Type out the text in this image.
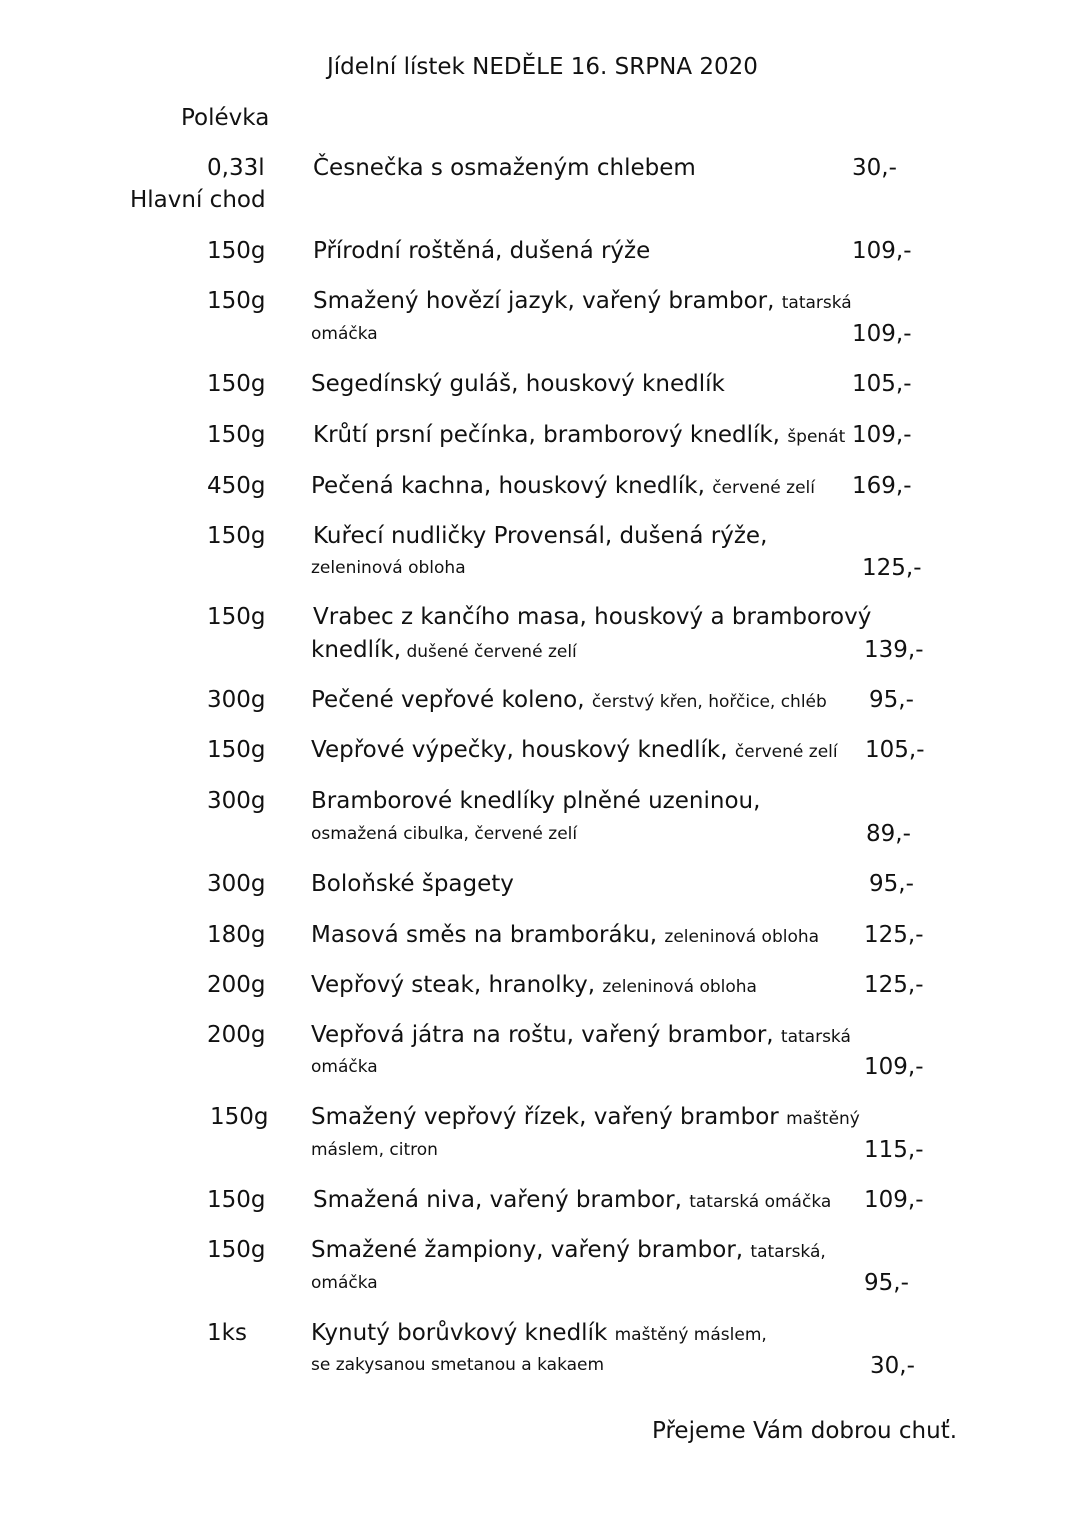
Jídelní lístek NEDĚLE 16. SRPNA 2020
Polévka
Hlavní chod
0,33l Česnečka s osmaženým chlebem	30,-
150g Přírodní roštěná, dušená rýže	109,-
150g Smažený hovězí jazyk, vařený brambor, tatarská
omáčka	109,-
150g Segedínský guláš, houskový knedlík	105,-
150g Krůtí prsní pečínka, bramborový knedlík, špenát 109,-
450g Pečená kachna, houskový knedlík, červené zelí 169,-
150g Kuřecí nudličky Provensál, dušená rýže,
zeleninová obloha	125,-
150g Vrabec z kančího masa, houskový a bramborový
knedlík, dušené červené zelí	139,-
300g Pečené vepřové koleno, čerstvý křen, hořčice, chléb 95,-
150g Vepřové výpečky, houskový knedlík, červené zelí 105,-
300g Bramborové knedlíky plněné uzeninou,
osmažená cibulka, červené zelí	89,-
300g Boloňské špagety	95,-
180g Masová směs na bramboráku, zeleninová obloha 125,-
200g Vepřový steak, hranolky, zeleninová obloha	125,-
200g Vepřová játra na roštu, vařený brambor, tatarská
omáčka	109,-
150g Smažený vepřový řízek, vařený brambor maštěný
máslem, citron	115,-
150g Smažená niva, vařený brambor, tatarská omáčka 109,-
150g Smažené žampiony, vařený brambor, tatarská,
omáčka	95,-
1ks	Kynutý borůvkový knedlík maštěný máslem,
se zakysanou smetanou a kakaem	30,-
Přejeme Vám dobrou chuť.
